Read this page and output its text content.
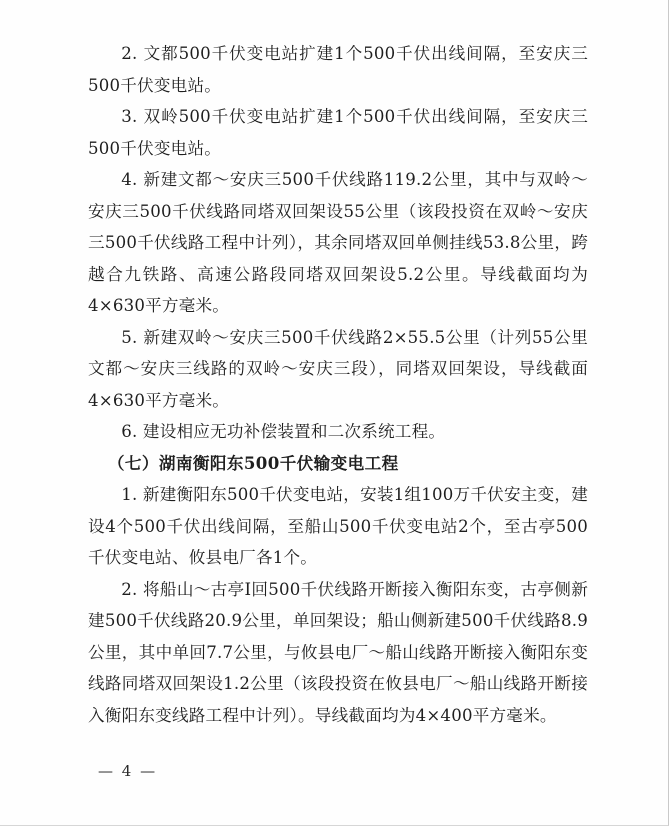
2. 文都500千伏变电站扩建1个500千伏出线间隔，至安庆三500千伏变电站。

3. 双岭500千伏变电站扩建1个500千伏出线间隔，至安庆三500千伏变电站。

4. 新建文都～安庆三500千伏线路119.2公里，其中与双岭～安庆三500千伏线路同塔双回架设55公里（该段投资在双岭～安庆三500千伏线路工程中计列），其余同塔双回单侧挂线53.8公里，跨越合九铁路、高速公路段同塔双回架设5.2公里。导线截面均为4×630平方毫米。

5. 新建双岭～安庆三500千伏线路2×55.5公里（计列55公里文都～安庆三线路的双岭～安庆三段），同塔双回架设，导线截面4×630平方毫米。

6. 建设相应无功补偿装置和二次系统工程。

（七）湖南衡阳东500千伏输变电工程

1. 新建衡阳东500千伏变电站，安装1组100万千伏安主变，建设4个500千伏出线间隔，至船山500千伏变电站2个，至古亭500千伏变电站、攸县电厂各1个。

2. 将船山～古亭Ⅰ回500千伏线路开断接入衡阳东变，古亭侧新建500千伏线路20.9公里，单回架设；船山侧新建500千伏线路8.9公里，其中单回7.7公里，与攸县电厂～船山线路开断接入衡阳东变线路同塔双回架设1.2公里（该段投资在攸县电厂～船山线路开断接入衡阳东变线路工程中计列）。导线截面均为4×400平方毫米。

— 4 —
